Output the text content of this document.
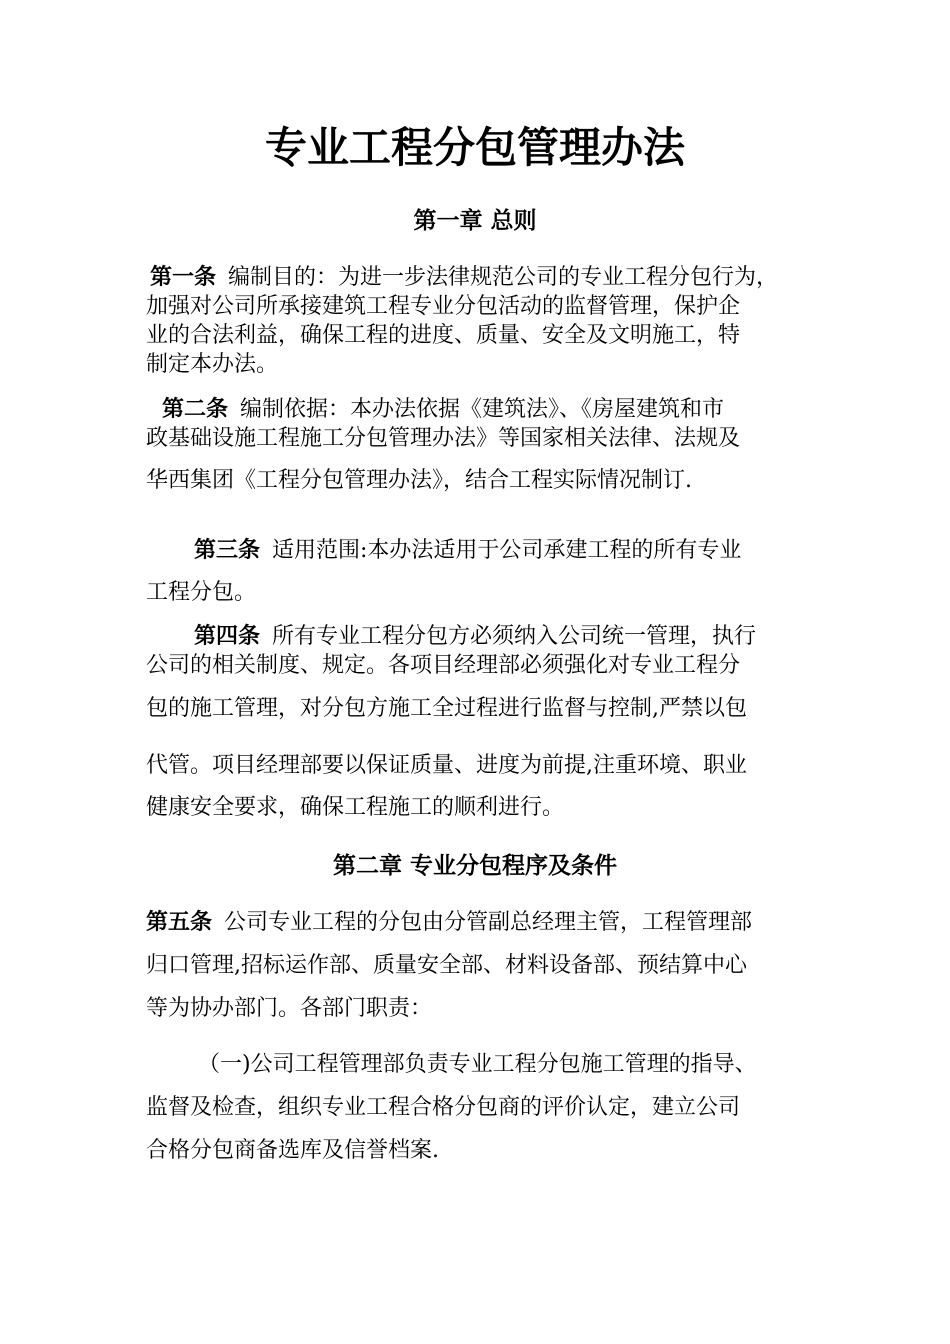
专业工程分包管理办法
第一章 总则
第一条 编制目的：为进一步法律规范公司的专业工程分包行为，
加强对公司所承接建筑工程专业分包活动的监督管理，保护企
业的合法利益，确保工程的进度、质量、安全及文明施工，特
制定本办法。
第二条 编制依据：本办法依据《建筑法》、《房屋建筑和市
政基础设施工程施工分包管理办法》等国家相关法律、法规及
华西集团《工程分包管理办法》，结合工程实际情况制订.
第三条 适用范围:本办法适用于公司承建工程的所有专业
工程分包。
第四条 所有专业工程分包方必须纳入公司统一管理，执行
公司的相关制度、规定。各项目经理部必须强化对专业工程分
包的施工管理，对分包方施工全过程进行监督与控制,严禁以包
代管。项目经理部要以保证质量、进度为前提,注重环境、职业
健康安全要求，确保工程施工的顺利进行。
第二章 专业分包程序及条件
第五条 公司专业工程的分包由分管副总经理主管，工程管理部
归口管理,招标运作部、质量安全部、材料设备部、预结算中心
等为协办部门。各部门职责：
（一)公司工程管理部负责专业工程分包施工管理的指导、
监督及检查，组织专业工程合格分包商的评价认定，建立公司
合格分包商备选库及信誉档案.
